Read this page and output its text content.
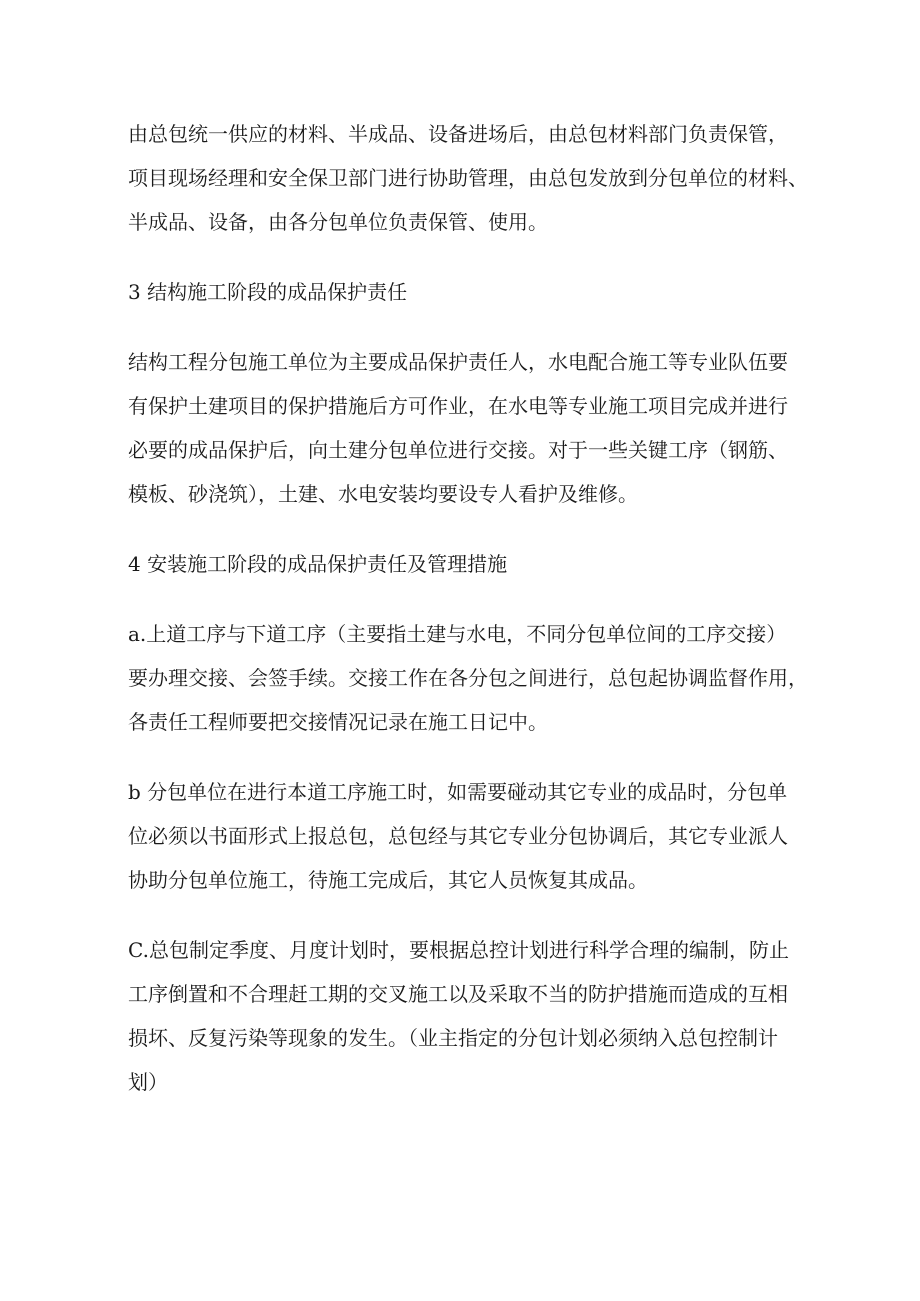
由总包统一供应的材料、半成品、设备进场后，由总包材料部门负责保管，
项目现场经理和安全保卫部门进行协助管理，由总包发放到分包单位的材料、
半成品、设备，由各分包单位负责保管、使用。
3 结构施工阶段的成品保护责任
结构工程分包施工单位为主要成品保护责任人，水电配合施工等专业队伍要
有保护土建项目的保护措施后方可作业，在水电等专业施工项目完成并进行
必要的成品保护后，向土建分包单位进行交接。对于一些关键工序（钢筋、
模板、砂浇筑），土建、水电安装均要设专人看护及维修。
4 安装施工阶段的成品保护责任及管理措施
a.上道工序与下道工序（主要指土建与水电，不同分包单位间的工序交接）
要办理交接、会签手续。交接工作在各分包之间进行，总包起协调监督作用，
各责任工程师要把交接情况记录在施工日记中。
b 分包单位在进行本道工序施工时，如需要碰动其它专业的成品时，分包单
位必须以书面形式上报总包，总包经与其它专业分包协调后，其它专业派人
协助分包单位施工，待施工完成后，其它人员恢复其成品。
C.总包制定季度、月度计划时，要根据总控计划进行科学合理的编制，防止
工序倒置和不合理赶工期的交叉施工以及采取不当的防护措施而造成的互相
损坏、反复污染等现象的发生。（业主指定的分包计划必须纳入总包控制计
划）
